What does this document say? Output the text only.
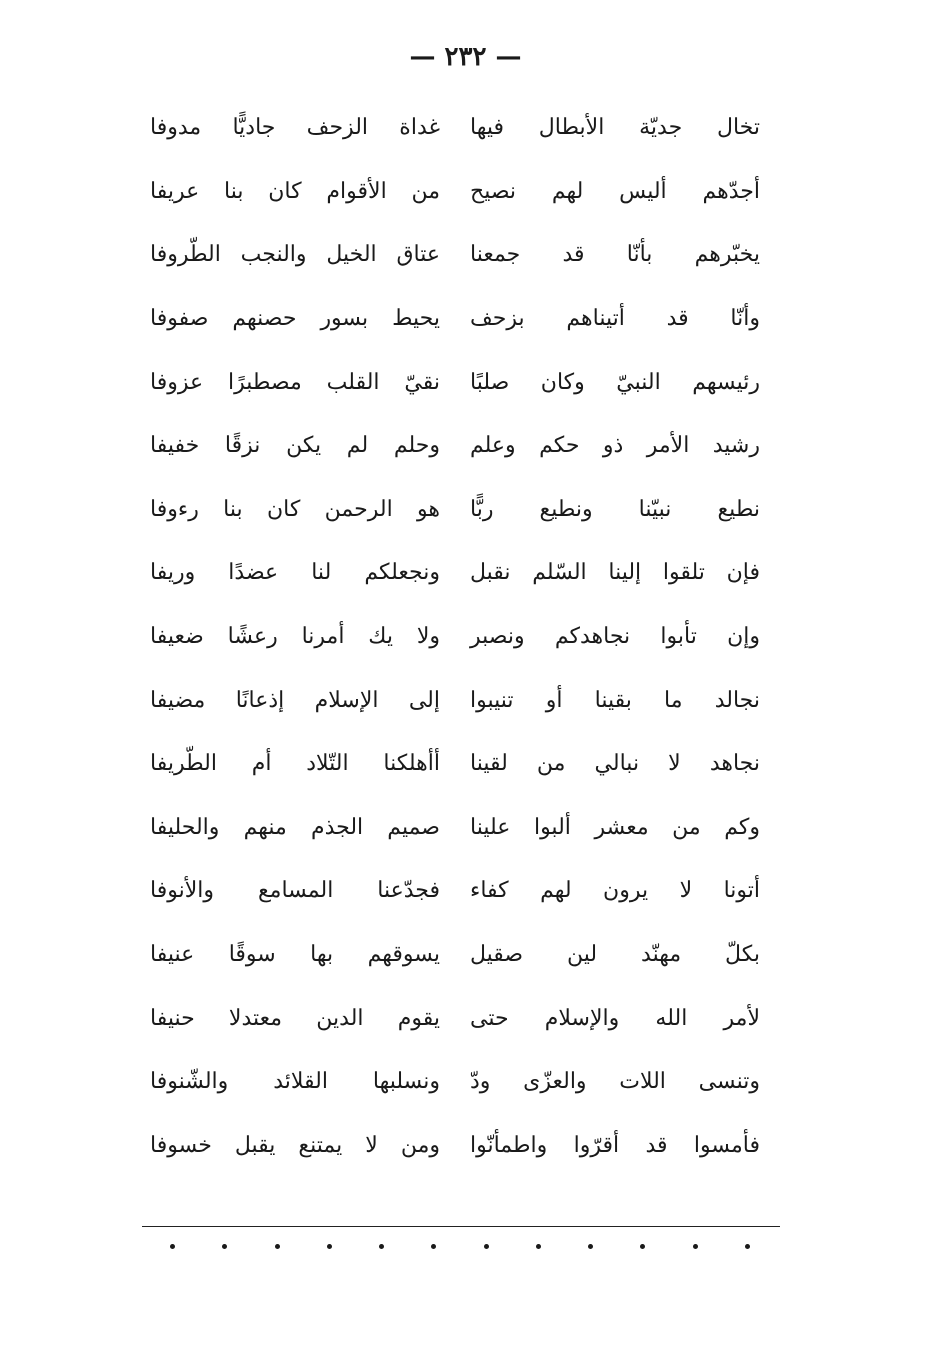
— ٢٣٢ —
تخال جديّة الأبطال فيها
غداة الزحف جاديًّا مدوفا
أجدّهم أليس لهم نصيح
من الأقوام كان بنا عريفا
يخبّرهم بأنّا قد جمعنا
عتاق الخيل والنجب الطّروفا
وأنّا قد أتيناهم بزحف
يحيط بسور حصنهم صفوفا
رئيسهم النبيّ وكان صلبًا
نقيّ القلب مصطبرًا عزوفا
رشيد الأمر ذو حكم وعلم
وحلم لم يكن نزقًا خفيفا
نطيع نبيّنا ونطيع ربًّا
هو الرحمن كان بنا رءوفا
فإن تلقوا إلينا السّلم نقبل
ونجعلكم لنا عضدًا وريفا
وإن تأبوا نجاهدكم ونصبر
ولا يك أمرنا رعشًا ضعيفا
نجالد ما بقينا أو تنيبوا
إلى الإسلام إذعانًا مضيفا
نجاهد لا نبالي من لقينا
أأهلكنا التّلاد أم الطّريفا
وكم من معشر ألبوا علينا
صميم الجذم منهم والحليفا
أتونا لا يرون لهم كفاء
فجدّعنا المسامع والأنوفا
بكلّ مهنّد لين صقيل
يسوقهم بها سوقًا عنيفا
لأمر الله والإسلام حتى
يقوم الدين معتدلا حنيفا
وتنسى اللات والعزّى ودّ
ونسلبها القلائد والشّنوفا
فأمسوا قد أقرّوا واطمأنّوا
ومن لا يمتنع يقبل خسوفا
